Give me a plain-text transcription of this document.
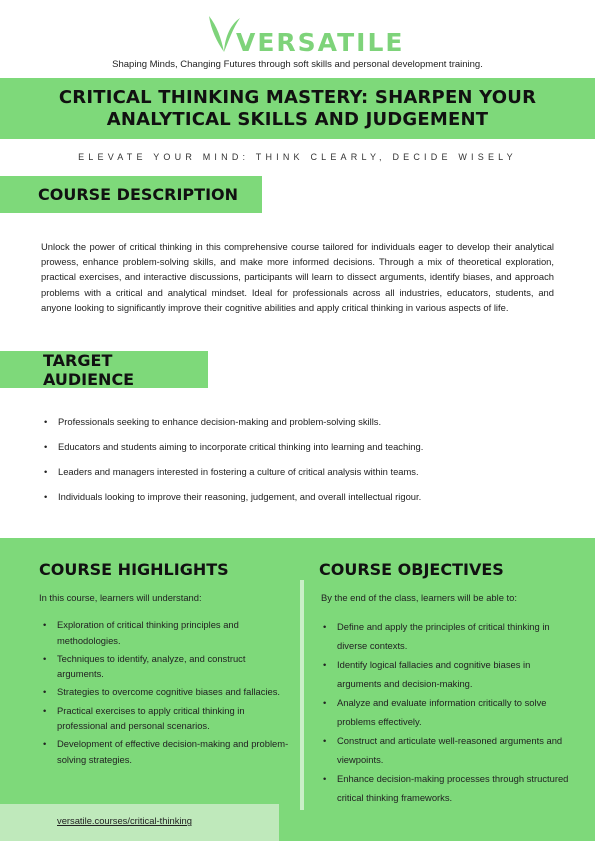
VERSATILE
Shaping Minds, Changing Futures through soft skills and personal development training.
CRITICAL THINKING MASTERY: SHARPEN YOUR
ANALYTICAL SKILLS AND JUDGEMENT
ELEVATE YOUR MIND: THINK CLEARLY, DECIDE WISELY
COURSE DESCRIPTION

Unlock the power of critical thinking in this comprehensive course tailored for individuals eager to develop their analytical prowess, enhance problem-solving skills, and make more informed decisions. Through a mix of theoretical exploration, practical exercises, and interactive discussions, participants will learn to dissect arguments, identify biases, and approach problems with a critical and analytical mindset. Ideal for professionals across all industries, educators, students, and anyone looking to significantly improve their cognitive abilities and apply critical thinking in various aspects of life.

TARGET AUDIENCE
• Professionals seeking to enhance decision-making and problem-solving skills.
• Educators and students aiming to incorporate critical thinking into learning and teaching.
• Leaders and managers interested in fostering a culture of critical analysis within teams.
• Individuals looking to improve their reasoning, judgement, and overall intellectual rigour.
COURSE HIGHLIGHTS
In this course, learners will understand:
• Exploration of critical thinking principles and methodologies.
• Techniques to identify, analyze, and construct arguments.
• Strategies to overcome cognitive biases and fallacies.
• Practical exercises to apply critical thinking in professional and personal scenarios.
• Development of effective decision-making and problem-solving strategies.
COURSE OBJECTIVES
By the end of the class, learners will be able to:
• Define and apply the principles of critical thinking in diverse contexts.
• Identify logical fallacies and cognitive biases in arguments and decision-making.
• Analyze and evaluate information critically to solve problems effectively.
• Construct and articulate well-reasoned arguments and viewpoints.
• Enhance decision-making processes through structured critical thinking frameworks.
versatile.courses/critical-thinking
